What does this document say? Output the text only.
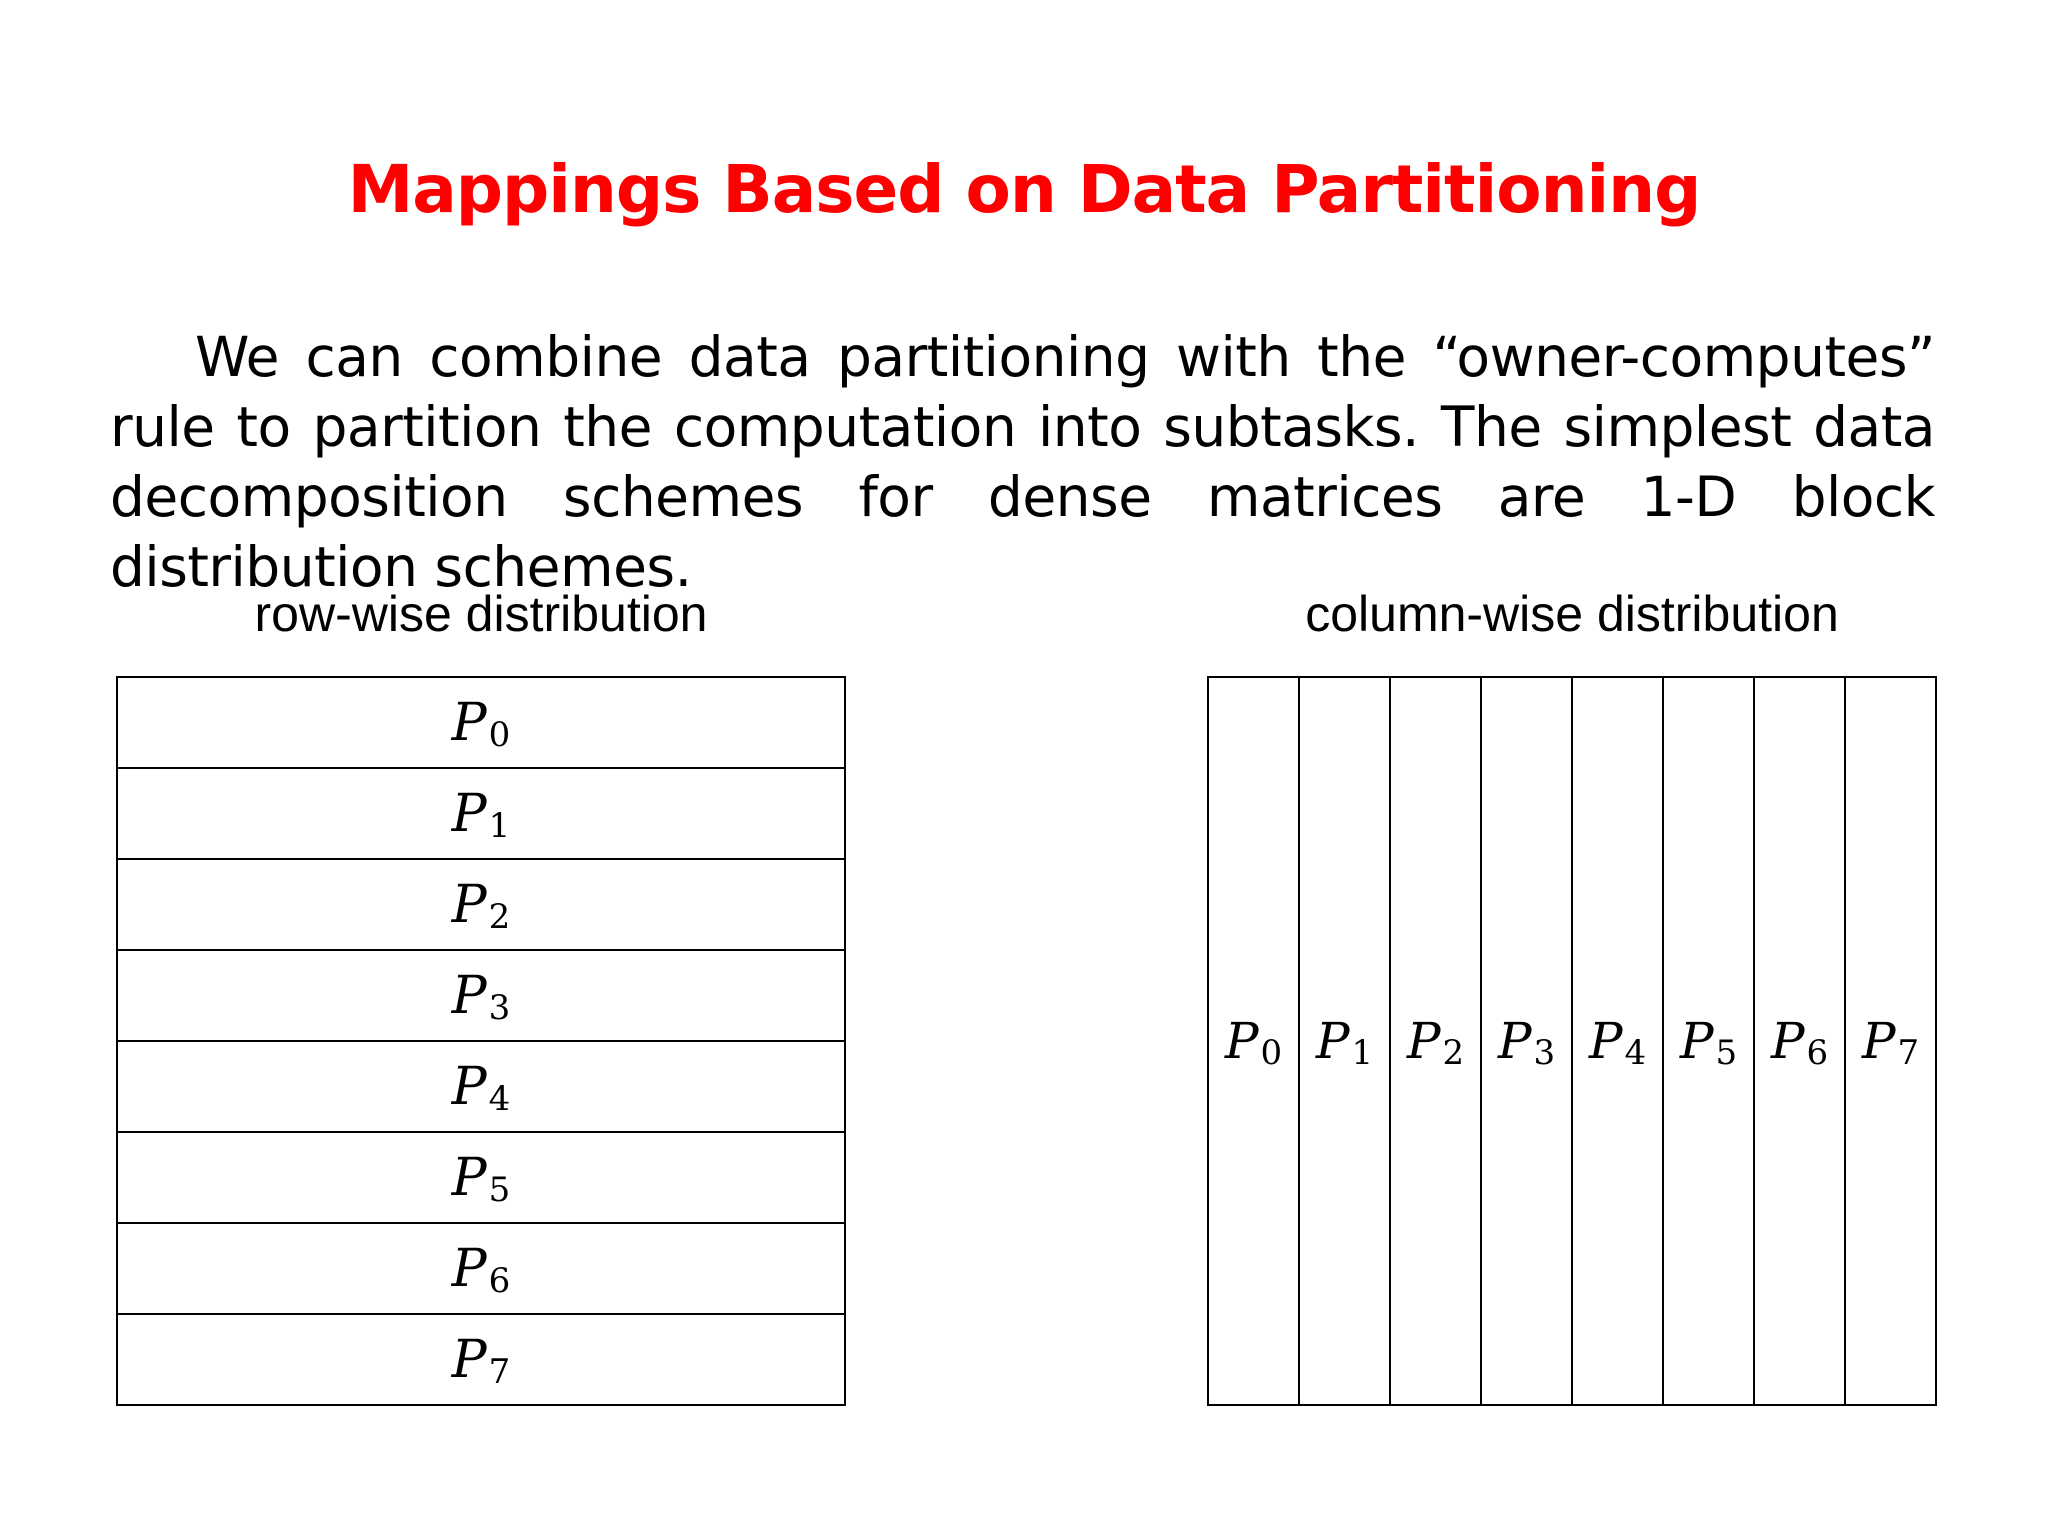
Mappings Based on Data Partitioning
We can combine data partitioning with the “owner-computes” rule to partition the computation into subtasks. The simplest data decomposition schemes for dense matrices are 1-D block distribution schemes.
row-wise distribution	column-wise distribution
P 0
P 1
P 2
P 3
P 4
P 5
P 6
P 7
P 0 P 1 P 2 P 3 P 4 P 5 P 6 P 7
